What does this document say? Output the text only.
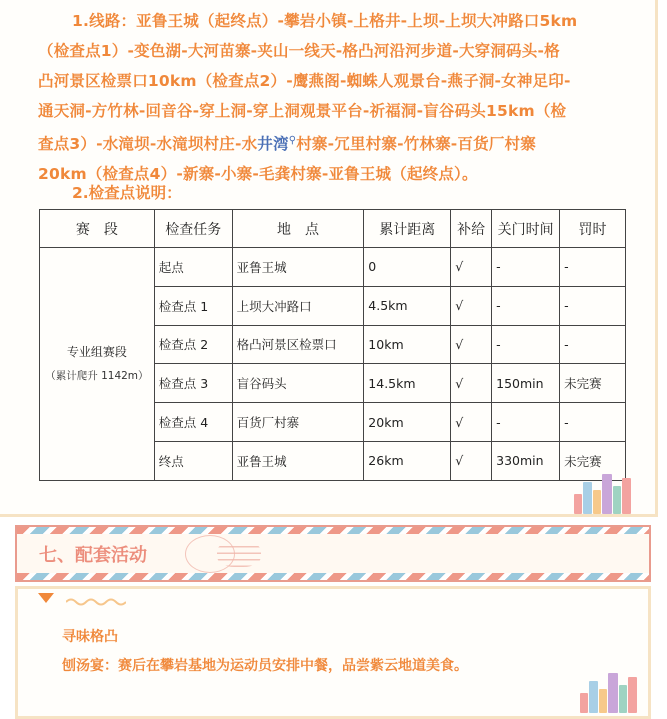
1.线路：亚鲁王城（起终点）-攀岩小镇-上格井-上坝-上坝大冲路口5km
（检查点1）-变色湖-大河苗寨-夹山一线天-格凸河沿河步道-大穿洞码头-格
凸河景区检票口10km（检查点2）-鹰燕阁-蜘蛛人观景台-燕子洞-女神足印-
通天洞-方竹林-回音谷-穿上洞-穿上洞观景平台-祈福洞-盲谷码头15km（检
查点3）-水滝坝-水滝坝村庄-水井湾⚲村寨-冗里村寨-竹林寨-百货厂村寨
20km（检查点4）-新寨-小寨-毛龚村寨-亚鲁王城（起终点）。
2.检查点说明：
赛　段	检查任务	地　点	累计距离	补给	关门时间	罚时

专业组赛段
（累计爬升 1142m）	起点	亚鲁王城	0	√	-	-
	检查点 1	上坝大冲路口	4.5km	√	-	-
	检查点 2	格凸河景区检票口	10km	√	-	-
	检查点 3	盲谷码头	14.5km	√	150min	未完赛
	检查点 4	百货厂村寨	20km	√	-	-
	终点	亚鲁王城	26km	√	330min	未完赛
七、配套活动
寻味格凸
刨汤宴：赛后在攀岩基地为运动员安排中餐，品尝紫云地道美食。
